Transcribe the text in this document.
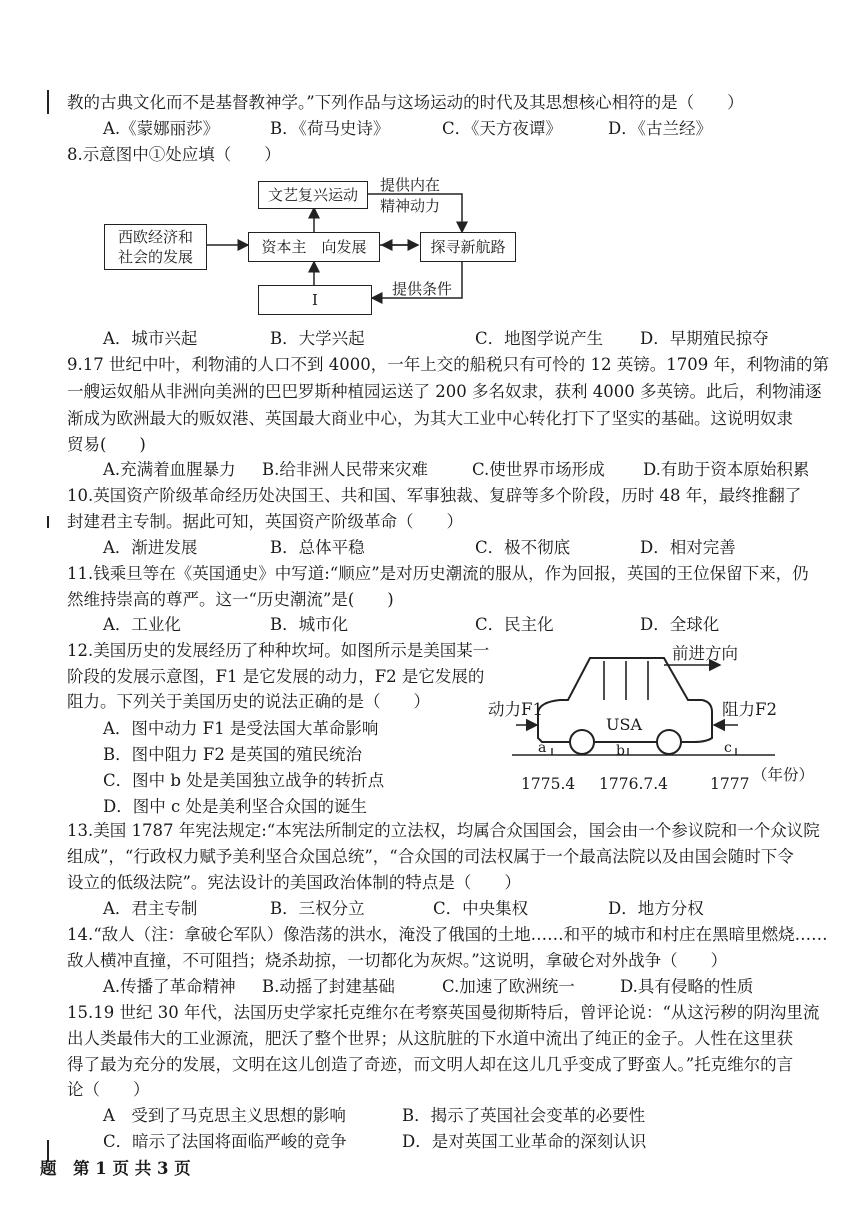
教的古典文化而不是基督教神学。”下列作品与这场运动的时代及其思想核心相符的是（　　）
A.《蒙娜丽莎》	B．《荷马史诗》	C．《天方夜谭》	D．《古兰经》
8.示意图中①处应填（　　）
文艺复兴运动
西欧经济和
社会的发展
资本主　向发展	探寻新航路
Ⅰ
提供内在
精神动力
提供条件
A．城市兴起	B．大学兴起	C．地图学说产生 D．早期殖民掠夺
9.17 世纪中叶，利物浦的人口不到 4000，一年上交的船税只有可怜的 12 英镑。1709 年，利物浦的第
一艘运奴船从非洲向美洲的巴巴罗斯种植园运送了 200 多名奴隶，获利 4000 多英镑。此后，利物浦逐
渐成为欧洲最大的贩奴港、英国最大商业中心，为其大工业中心转化打下了坚实的基础。这说明奴隶
贸易(　　)
A.充满着血腥暴力 B.给非洲人民带来灾难	C.使世界市场形成 D.有助于资本原始积累
10.英国资产阶级革命经历处决国王、共和国、军事独裁、复辟等多个阶段，历时 48 年，最终推翻了
封建君主专制。据此可知，英国资产阶级革命（　　）
A．渐进发展	B．总体平稳	C．极不彻底	D．相对完善
11.钱乘旦等在《英国通史》中写道:“顺应”是对历史潮流的服从，作为回报，英国的王位保留下来，仍
然维持崇高的尊严。这一“历史潮流”是(　　)
A．工业化	B．城市化	C．民主化	D．全球化
12.美国历史的发展经历了种种坎坷。如图所示是美国某一
阶段的发展示意图，F1 是它发展的动力，F2 是它发展的
阻力。下列关于美国历史的说法正确的是（　　）
A．图中动力 F1 是受法国大革命影响
B．图中阻力 F2 是英国的殖民统治
C．图中 b 处是美国独立战争的转折点
D．图中 c 处是美利坚合众国的诞生
前进方向
动力F1	阻力F2
USA
a	b	c
1775.4 1776.7.4	1777 （年份）
13.美国 1787 年宪法规定:“本宪法所制定的立法权，均属合众国国会，国会由一个参议院和一个众议院
组成”，“行政权力赋予美利坚合众国总统”，“合众国的司法权属于一个最高法院以及由国会随时下令
设立的低级法院”。宪法设计的美国政治体制的特点是（　　）
A．君主专制	B．三权分立	C．中央集权	D．地方分权
14.“敌人（注：拿破仑军队）像浩荡的洪水，淹没了俄国的土地……和平的城市和村庄在黑暗里燃烧……
敌人横冲直撞，不可阻挡；烧杀劫掠，一切都化为灰烬。”这说明，拿破仑对外战争（　　）
A.传播了革命精神 B.动摇了封建基础	C.加速了欧洲统一	D.具有侵略的性质
15.19 世纪 30 年代，法国历史学家托克维尔在考察英国曼彻斯特后，曾评论说：“从这污秽的阴沟里流
出人类最伟大的工业源流，肥沃了整个世界；从这肮脏的下水道中流出了纯正的金子。人性在这里获
得了最为充分的发展，文明在这儿创造了奇迹，而文明人却在这儿几乎变成了野蛮人。”托克维尔的言
论（　　）
A　受到了马克思主义思想的影响	B．揭示了英国社会变革的必要性
C．暗示了法国将面临严峻的竞争	D．是对英国工业革命的深刻认识
题　第 1 页 共 3 页
